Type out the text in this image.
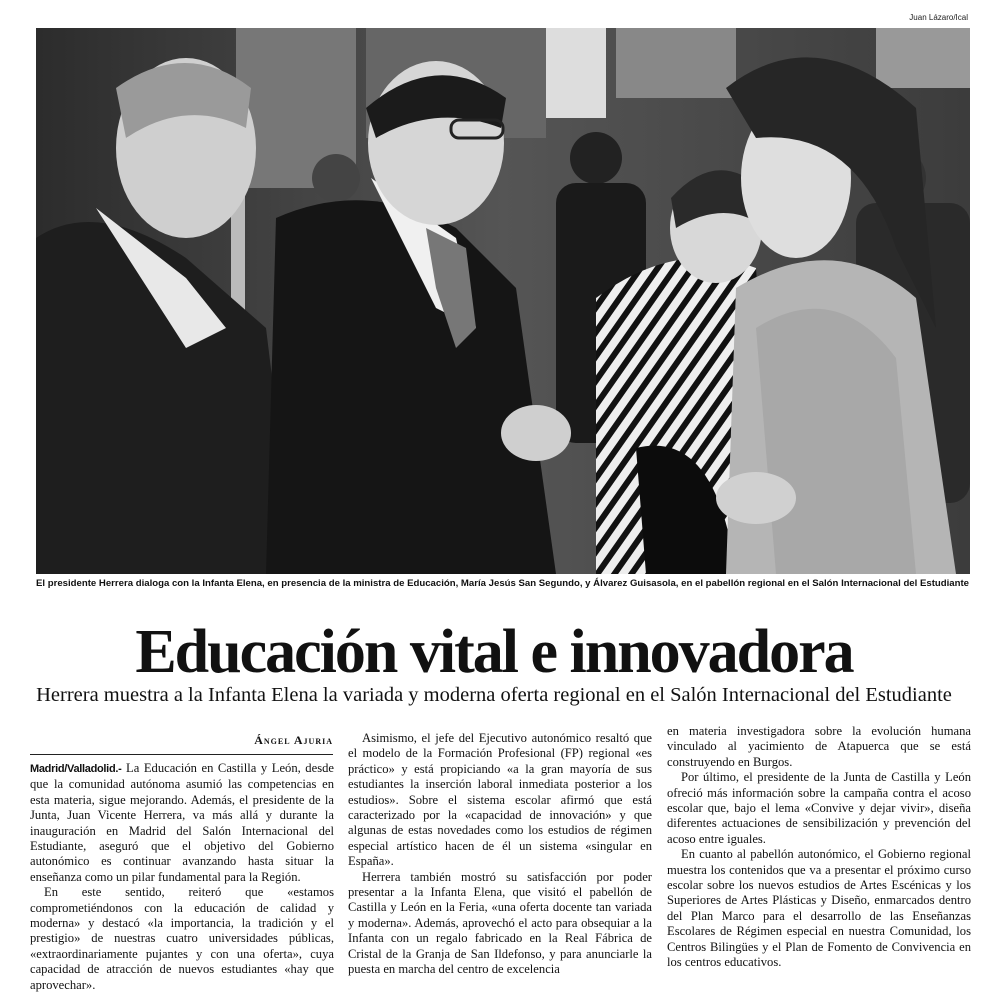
Juan Lázaro/Ical
El presidente Herrera dialoga con la Infanta Elena, en presencia de la ministra de Educación, María Jesús San Segundo, y Álvarez Guisasola, en el pabellón regional en el Salón Internacional del Estudiante
Educación vital e innovadora
Herrera muestra a la Infanta Elena la variada y moderna oferta regional en el Salón Internacional del Estudiante
Ángel Ajuria

Madrid/Valladolid.- La Educación en Castilla y León, desde que la comunidad autónoma asumió las competencias en esta materia, sigue mejorando. Además, el presidente de la Junta, Juan Vicente Herrera, va más allá y durante la inauguración en Madrid del Salón Internacional del Estudiante, aseguró que el objetivo del Gobierno autonómico es continuar avanzando hasta situar la enseñanza como un pilar fundamental para la Región.

En este sentido, reiteró que «estamos comprometiéndonos con la educación de calidad y moderna» y destacó «la importancia, la tradición y el prestigio» de nuestras cuatro universidades públicas, «extraordinariamente pujantes y con una oferta», cuya capacidad de atracción de nuevos estudiantes «hay que aprovechar».

Asimismo, el jefe del Ejecutivo autonómico resaltó que el modelo de la Formación Profesional (FP) regional «es práctico» y está propiciando «a la gran mayoría de sus estudiantes la inserción laboral inmediata posterior a los estudios». Sobre el sistema escolar afirmó que está caracterizado por la «capacidad de innovación» y que algunas de estas novedades como los estudios de régimen especial artístico hacen de él un sistema «singular en España».

Herrera también mostró su satisfacción por poder presentar a la Infanta Elena, que visitó el pabellón de Castilla y León en la Feria, «una oferta docente tan variada y moderna». Además, aprovechó el acto para obsequiar a la Infanta con un regalo fabricado en la Real Fábrica de Cristal de la Granja de San Ildefonso, y para anunciarle la puesta en marcha del centro de excelencia

en materia investigadora sobre la evolución humana vinculado al yacimiento de Atapuerca que se está construyendo en Burgos.

Por último, el presidente de la Junta de Castilla y León ofreció más información sobre la campaña contra el acoso escolar que, bajo el lema «Convive y dejar vivir», diseña diferentes actuaciones de sensibilización y prevención del acoso entre iguales.

En cuanto al pabellón autonómico, el Gobierno regional muestra los contenidos que va a presentar el próximo curso escolar sobre los nuevos estudios de Artes Escénicas y los Superiores de Artes Plásticas y Diseño, enmarcados dentro del Plan Marco para el desarrollo de las Enseñanzas Escolares de Régimen especial en nuestra Comunidad, los Centros Bilingües y el Plan de Fomento de Convivencia en los centros educativos.
